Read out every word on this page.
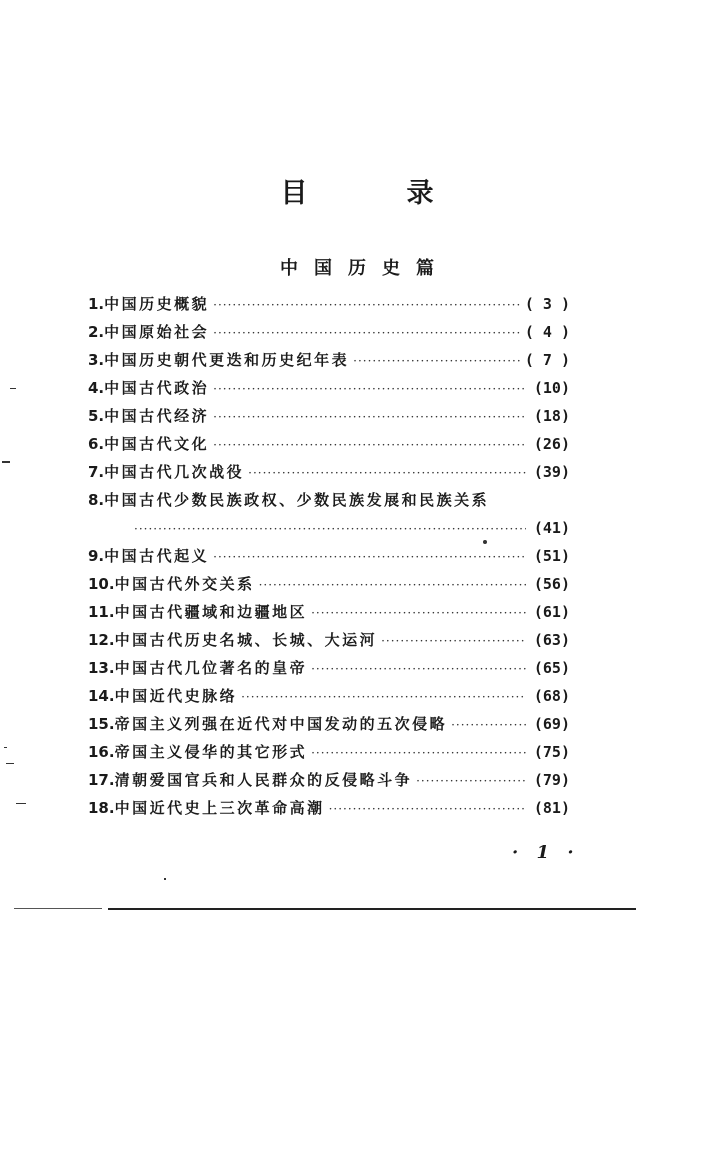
目　录
中国历史篇
1. 中国历史概貌 ·····	( 3 )
2. 中国原始社会 ·····	( 4 )
3. 中国历史朝代更迭和历史纪年表 ·····	( 7 )
4. 中国古代政治 ·····	(10)
5. 中国古代经济 ·····	(18)
6. 中国古代文化 ·····	(26)
7. 中国古代几次战役 ·····	(39)
8. 中国古代少数民族政权、少数民族发展和民族关系
·····
(41)
9. 中国古代起义 ·····	(51)
10. 中国古代外交关系 ·····	(56)
11. 中国古代疆域和边疆地区 ·····	(61)
12. 中国古代历史名城、长城、大运河 ·····	(63)
13. 中国古代几位著名的皇帝 ·····	(65)
14. 中国近代史脉络 ·····	(68)
15. 帝国主义列强在近代对中国发动的五次侵略 ·····	(69)
16. 帝国主义侵华的其它形式 ·····	(75)
17. 清朝爱国官兵和人民群众的反侵略斗争 ·····	(79)
18. 中国近代史上三次革命高潮 ·····	(81)
· 1 ·
